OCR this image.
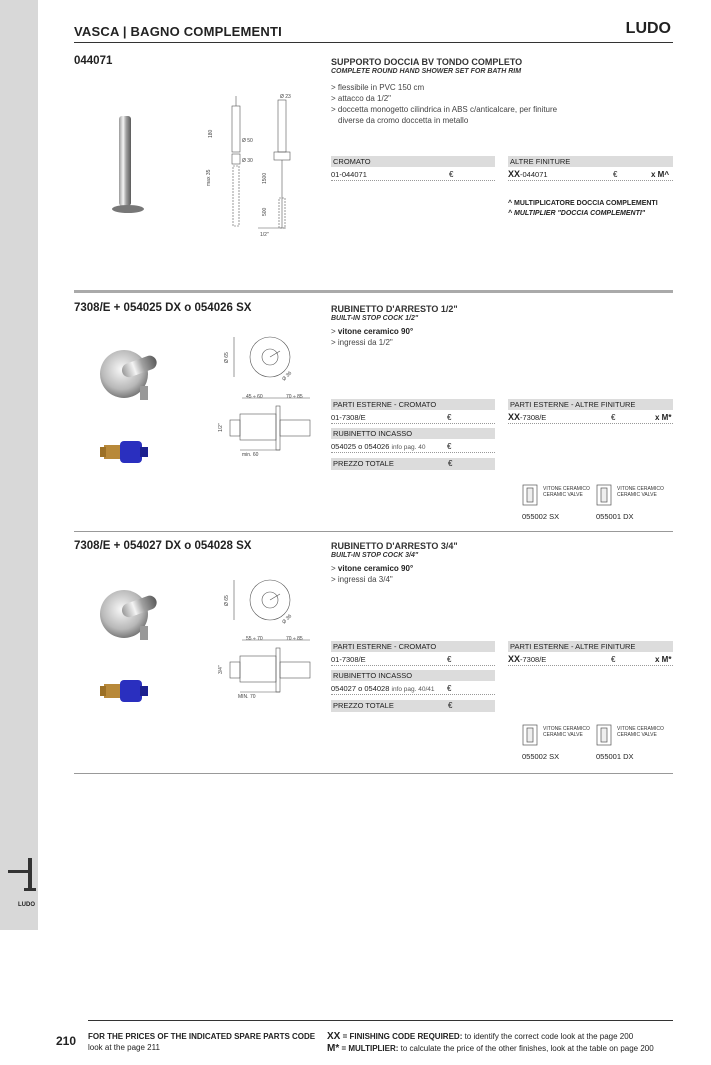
LUDO
VASCA | BAGNO COMPLEMENTI	LUDO
044071	SUPPORTO DOCCIA BV TONDO COMPLETO
COMPLETE ROUND HAND SHOWER SET FOR BATH RIM
> flessibile in PVC 150 cm
> attacco da 1/2"
> doccetta monogetto cilindrica in ABS c/anticalcare, per finiture
diverse da cromo doccetta in metallo
Ø 23
Ø 50
Ø 30
180
max 35	1500
500
1/2"
CROMATO
01-044071	€
ALTRE FINITURE
XX-044071	€	x M^
^ MULTIPLICATORE DOCCIA COMPLEMENTI
^ MULTIPLIER "DOCCIA COMPLEMENTI"
7308/E + 054025 DX o 054026 SX	RUBINETTO D'ARRESTO 1/2"
BUILT-IN STOP COCK 1/2"
> vitone ceramico 90°
> ingressi da 1/2"
Ø 65
Ø 36
45 ÷ 60	70 ÷ 85
1/2"
min. 60
PARTI ESTERNE - CROMATO
01-7308/E	€
RUBINETTO INCASSO
054025 o 054026 info pag. 40	€
PREZZO TOTALE	€
PARTI ESTERNE - ALTRE FINITURE
XX-7308/E	€	x M*
VITONE CERAMICO
CERAMIC VALVE
055002 SX
VITONE CERAMICO
CERAMIC VALVE
055001 DX
7308/E + 054027 DX o 054028 SX	RUBINETTO D'ARRESTO 3/4"
BUILT-IN STOP COCK 3/4"
> vitone ceramico 90°
> ingressi da 3/4"
Ø 65
Ø 36
55 ÷ 70	70 ÷ 85
3/4"
MIN. 70
PARTI ESTERNE - CROMATO
01-7308/E	€
RUBINETTO INCASSO
054027 o 054028 info pag. 40/41 €
PREZZO TOTALE	€
PARTI ESTERNE - ALTRE FINITURE
XX-7308/E	€	x M*
VITONE CERAMICO
CERAMIC VALVE
055002 SX
VITONE CERAMICO
CERAMIC VALVE
055001 DX
210 FOR THE PRICES OF THE INDICATED SPARE PARTS CODE
look at the page 211
XX = FINISHING CODE REQUIRED: to identify the correct code look at the page 200
M* = MULTIPLIER: to calculate the price of the other finishes, look at the table on page 200
